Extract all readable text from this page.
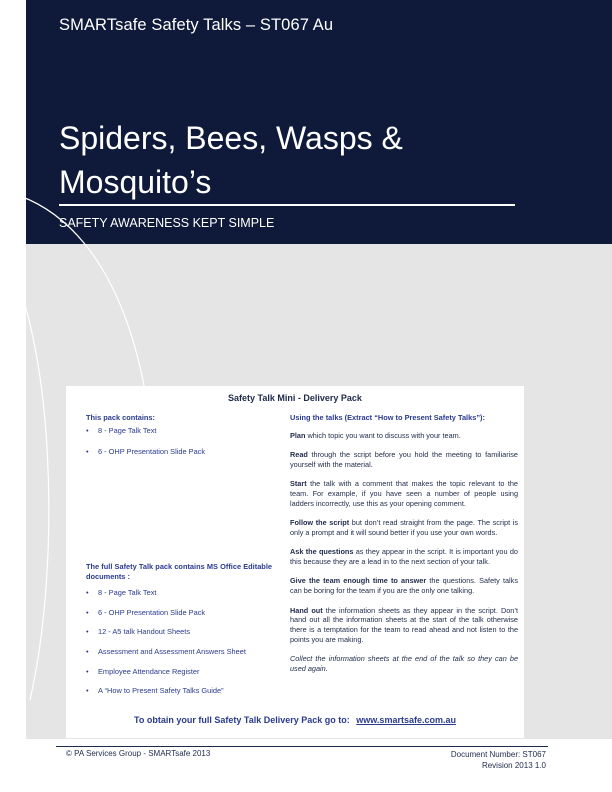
SMARTsafe Safety Talks – ST067 Au
Spiders, Bees, Wasps &
Mosquito’s
SAFETY AWARENESS KEPT SIMPLE
Safety Talk Mini - Delivery Pack
This pack contains:
• 8 - Page Talk Text
• 6 - OHP Presentation Slide Pack
The full Safety Talk pack contains MS Office Editable documents :
• 8 - Page Talk Text
• 6 - OHP Presentation Slide Pack
• 12 - A5 talk Handout Sheets
• Assessment and Assessment Answers Sheet
• Employee Attendance Register
• A “How to Present Safety Talks Guide”
Using the talks (Extract “How to Present Safety Talks”):

Plan which topic you want to discuss with your team.

Read through the script before you hold the meeting to familiarise yourself with the material.

Start the talk with a comment that makes the topic relevant to the team. For example, if you have seen a number of people using ladders incorrectly, use this as your opening comment.

Follow the script but don’t read straight from the page. The script is only a prompt and it will sound better if you use your own words.

Ask the questions as they appear in the script. It is important you do this because they are a lead in to the next section of your talk.

Give the team enough time to answer the questions. Safety talks can be boring for the team if you are the only one talking.

Hand out the information sheets as they appear in the script. Don’t hand out all the information sheets at the start of the talk otherwise there is a temptation for the team to read ahead and not listen to the points you are making.

Collect the information sheets at the end of the talk so they can be used again.

To obtain your full Safety Talk Delivery Pack go to: www.smartsafe.com.au
© PA Services Group - SMARTsafe 2013	Document Number: ST067
Revision 2013 1.0
